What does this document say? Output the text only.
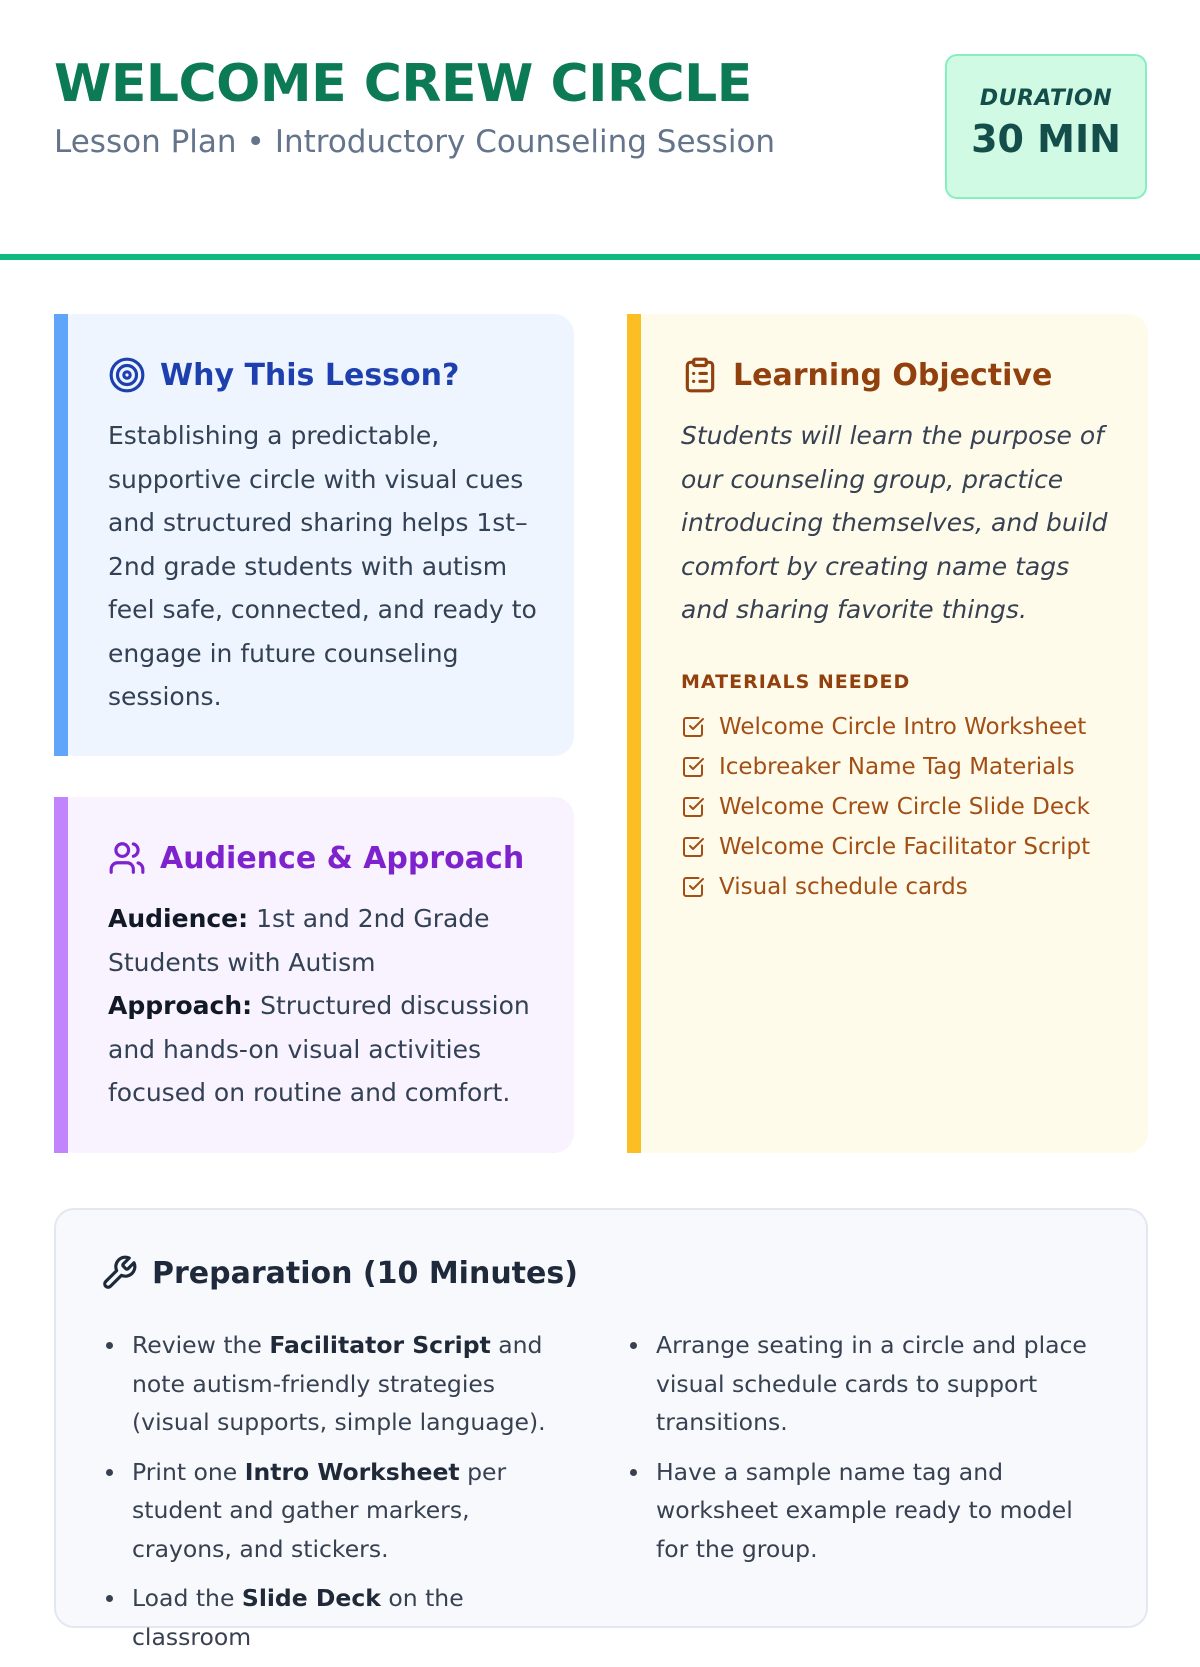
WELCOME CREW CIRCLE
Lesson Plan • Introductory Counseling Session
DURATION
30 MIN
Why This Lesson?

Establishing a predictable, supportive circle with visual cues and structured sharing helps 1st–2nd grade students with autism feel safe, connected, and ready to engage in future counseling sessions.

Audience & Approach
Audience: 1st and 2nd Grade Students with Autism
Approach: Structured discussion and hands-on visual activities focused on routine and comfort.
Learning Objective

Students will learn the purpose of our counseling group, practice introducing themselves, and build comfort by creating name tags and sharing favorite things.

MATERIALS NEEDED
Welcome Circle Intro Worksheet
Icebreaker Name Tag Materials
Welcome Crew Circle Slide Deck
Welcome Circle Facilitator Script
Visual schedule cards
Preparation (10 Minutes)
Review the Facilitator Script and note autism-friendly strategies (visual supports, simple language).
Print one Intro Worksheet per student and gather markers, crayons, and stickers.
Load the Slide Deck on the classroom
Arrange seating in a circle and place visual schedule cards to support transitions.
Have a sample name tag and worksheet example ready to model for the group.
